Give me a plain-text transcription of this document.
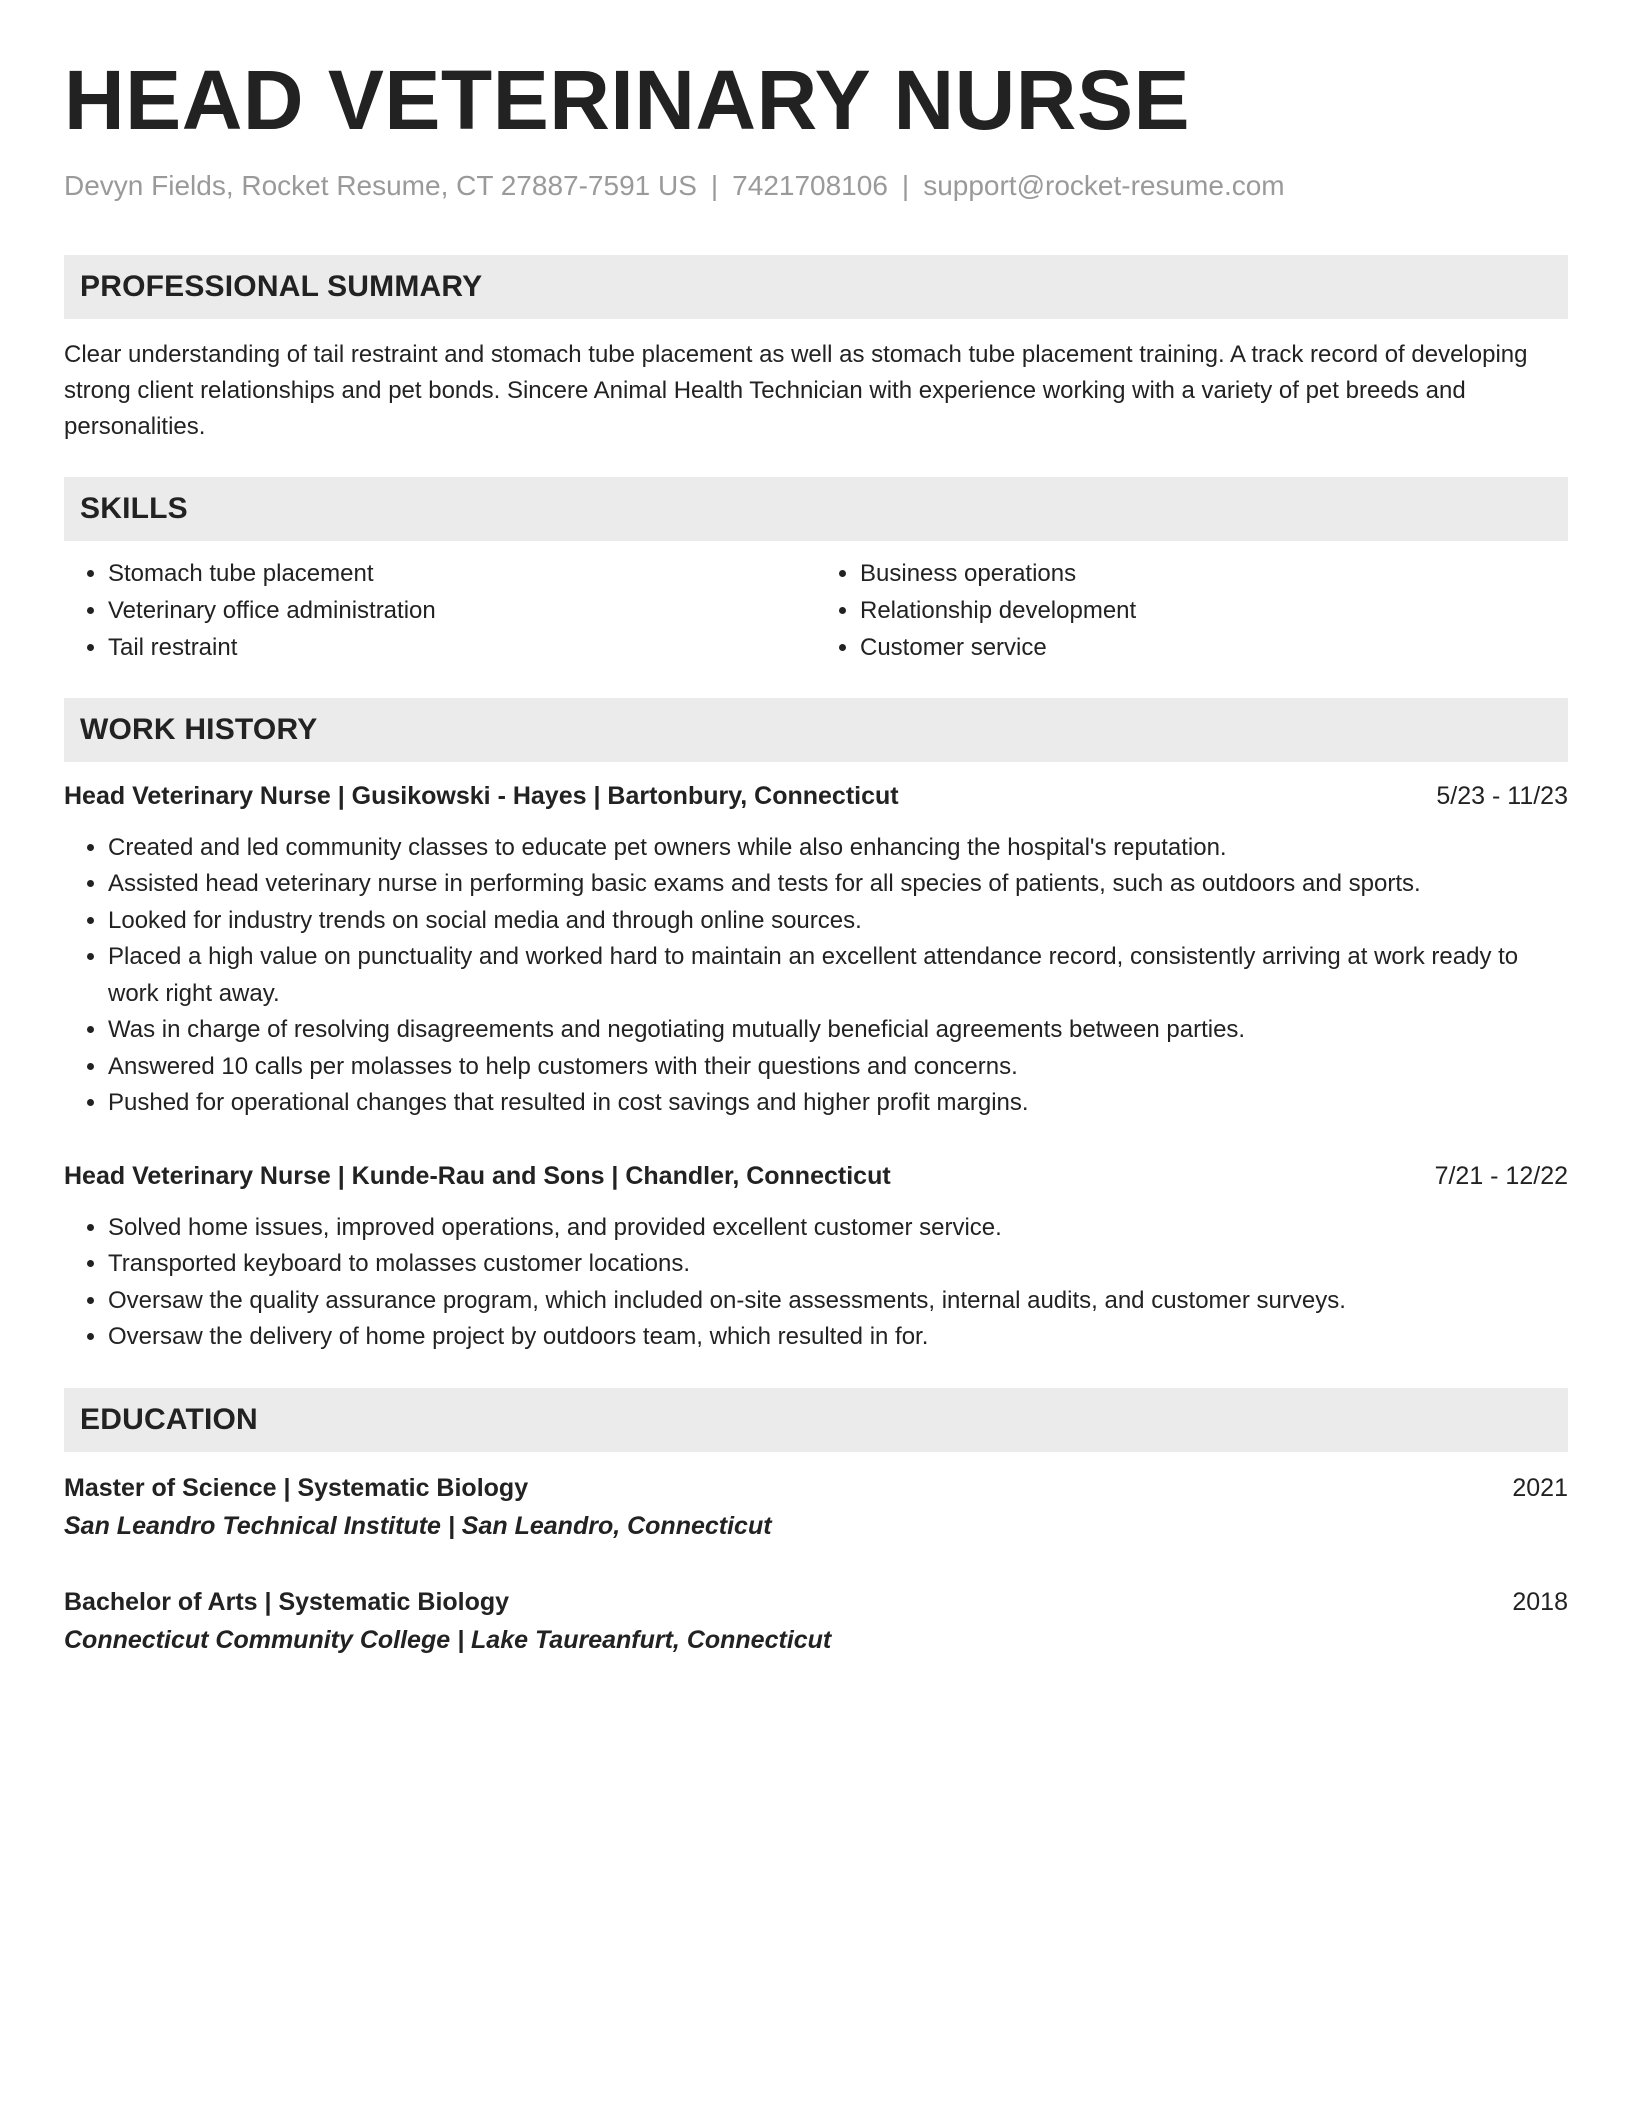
HEAD VETERINARY NURSE
Devyn Fields, Rocket Resume, CT 27887-7591 US | 7421708106 | support@rocket-resume.com
PROFESSIONAL SUMMARY

Clear understanding of tail restraint and stomach tube placement as well as stomach tube placement training. A track record of developing strong client relationships and pet bonds. Sincere Animal Health Technician with experience working with a variety of pet breeds and personalities.

SKILLS
• Stomach tube placement
• Veterinary office administration
• Tail restraint
• Business operations
• Relationship development
• Customer service
WORK HISTORY
Head Veterinary Nurse | Gusikowski - Hayes | Bartonbury, Connecticut	5/23 - 11/23
• Created and led community classes to educate pet owners while also enhancing the hospital's reputation.
• Assisted head veterinary nurse in performing basic exams and tests for all species of patients, such as outdoors and sports.
• Looked for industry trends on social media and through online sources.
• Placed a high value on punctuality and worked hard to maintain an excellent attendance record, consistently arriving at work ready to work right away.
• Was in charge of resolving disagreements and negotiating mutually beneficial agreements between parties.
• Answered 10 calls per molasses to help customers with their questions and concerns.
• Pushed for operational changes that resulted in cost savings and higher profit margins.
Head Veterinary Nurse | Kunde-Rau and Sons | Chandler, Connecticut	7/21 - 12/22
• Solved home issues, improved operations, and provided excellent customer service.
• Transported keyboard to molasses customer locations.
• Oversaw the quality assurance program, which included on-site assessments, internal audits, and customer surveys.
• Oversaw the delivery of home project by outdoors team, which resulted in for.
EDUCATION
Master of Science | Systematic Biology	2021
San Leandro Technical Institute | San Leandro, Connecticut
Bachelor of Arts | Systematic Biology	2018
Connecticut Community College | Lake Taureanfurt, Connecticut
